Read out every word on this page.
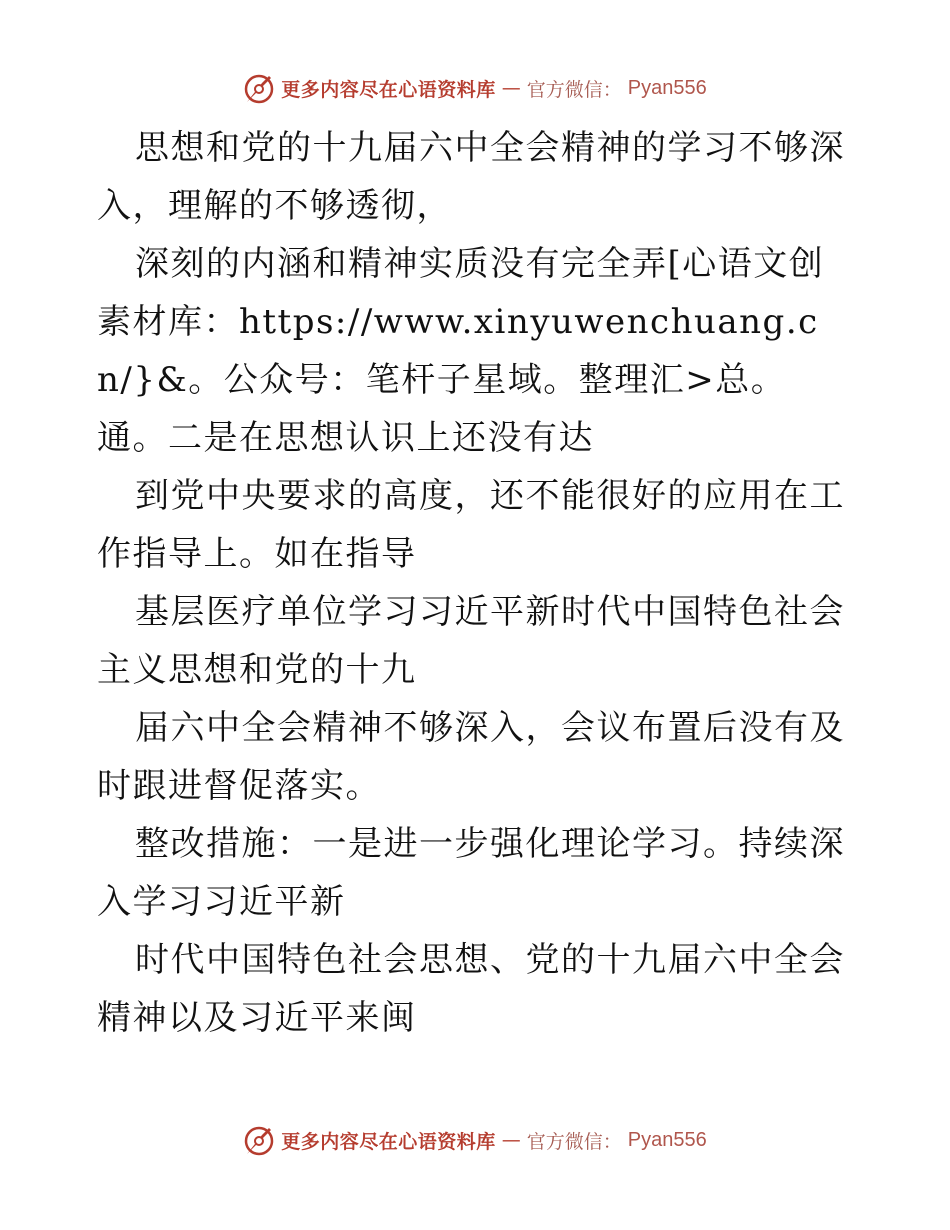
更多内容尽在心语资料库 — 官方微信： Pyan556

思想和党的十九届六中全会精神的学习不够深入，理解的不够透彻，

深刻的内涵和精神实质没有完全弄[心语文创素材库：https://www.xinyuwenchuang.cn/}&。公众号：笔杆子星域。整理汇>总。通。二是在思想认识上还没有达

到党中央要求的高度，还不能很好的应用在工作指导上。如在指导

基层医疗单位学习习近平新时代中国特色社会主义思想和党的十九

届六中全会精神不够深入，会议布置后没有及时跟进督促落实。

整改措施：一是进一步强化理论学习。持续深入学习习近平新

时代中国特色社会思想、党的十九届六中全会精神以及习近平来闽

更多内容尽在心语资料库 — 官方微信： Pyan556
